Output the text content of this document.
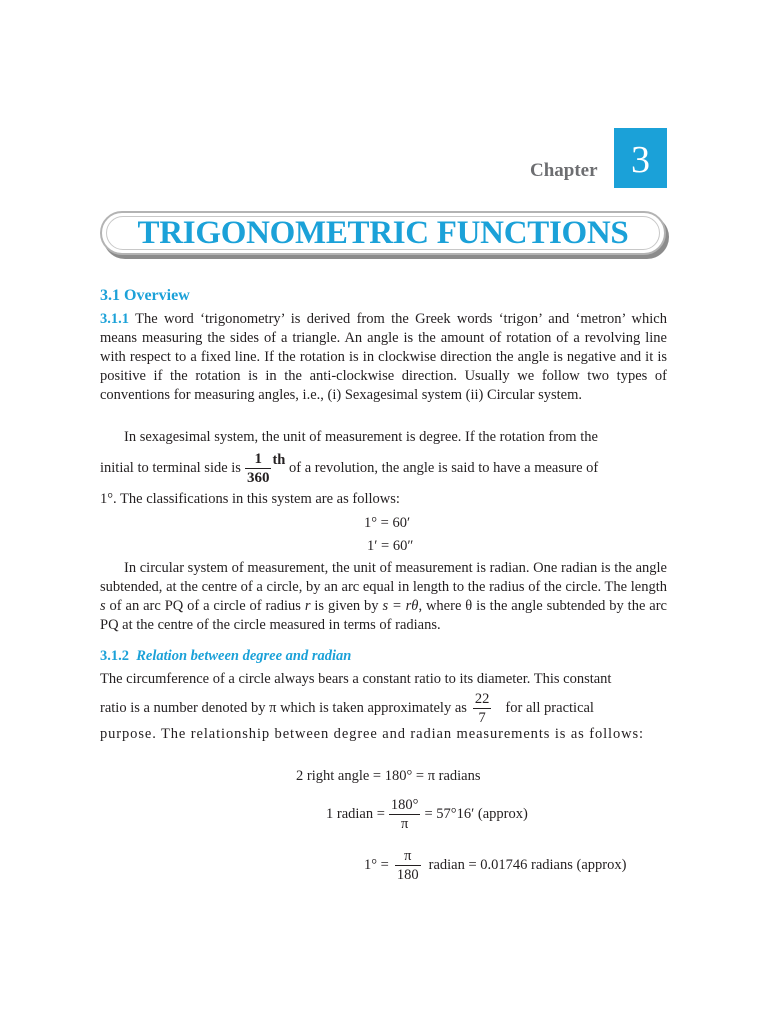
Chapter 3
TRIGONOMETRIC FUNCTIONS
3.1 Overview

3.1.1 The word ‘trigonometry’ is derived from the Greek words ‘trigon’ and ‘metron’ which means measuring the sides of a triangle. An angle is the amount of rotation of a revolving line with respect to a fixed line. If the rotation is in clockwise direction the angle is negative and it is positive if the rotation is in the anti-clockwise direction. Usually we follow two types of conventions for measuring angles, i.e., (i) Sexagesimal system (ii) Circular system.

In sexagesimal system, the unit of measurement is degree. If the rotation from the

initial to terminal side is $\frac{1}{360}$ th of a revolution, the angle is said to have a measure of

1°. The classifications in this system are as follows:

1° = 60′
1′ = 60″

In circular system of measurement, the unit of measurement is radian. One radian is the angle subtended, at the centre of a circle, by an arc equal in length to the radius of the circle. The length s of an arc PQ of a circle of radius r is given by s = rθ, where θ is the angle subtended by the arc PQ at the centre of the circle measured in terms of radians.

3.1.2 Relation between degree and radian

The circumference of a circle always bears a constant ratio to its diameter. This constant

ratio is a number denoted by π which is taken approximately as $\frac{22}{7}$ for all practical

purpose. The relationship between degree and radian measurements is as follows:

2 right angle = 180° = π radians
1 radian = $\frac{180^\circ}{\pi} = 57^\circ 16'$ (approx)
$1^\circ = \frac{\pi}{180}$ radian = 0.01746 radians (approx)
